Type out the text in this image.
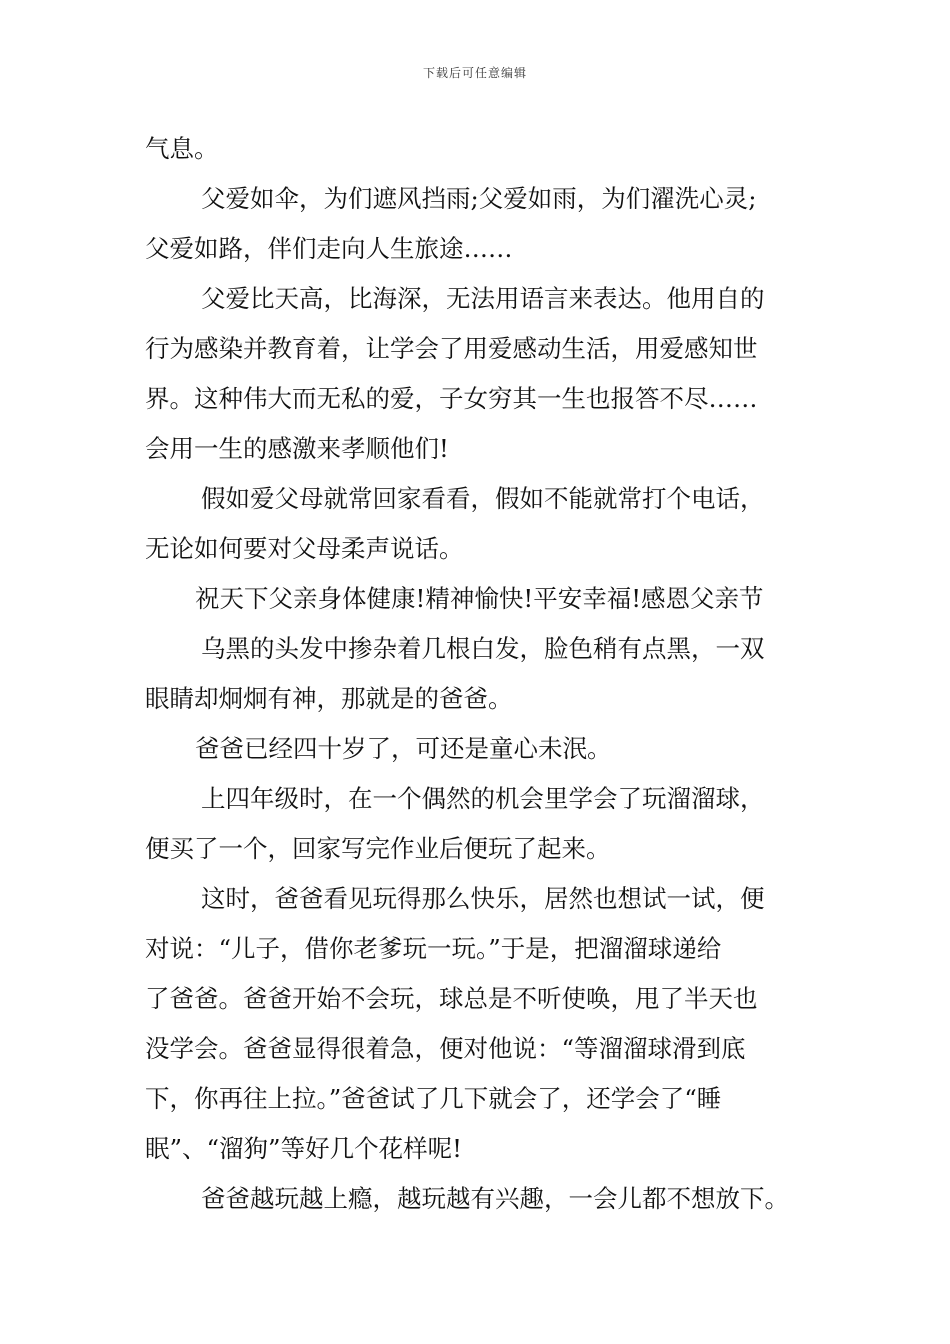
下载后可任意编辑
气息。
父爱如伞，为们遮风挡雨;父爱如雨，为们濯洗心灵;
父爱如路，伴们走向人生旅途……
父爱比天高，比海深，无法用语言来表达。他用自的
行为感染并教育着，让学会了用爱感动生活，用爱感知世
界。这种伟大而无私的爱，子女穷其一生也报答不尽……
会用一生的感激来孝顺他们!
假如爱父母就常回家看看，假如不能就常打个电话，
无论如何要对父母柔声说话。
祝天下父亲身体健康!精神愉快!平安幸福!感恩父亲节
乌黑的头发中掺杂着几根白发，脸色稍有点黑，一双
眼睛却炯炯有神，那就是的爸爸。
爸爸已经四十岁了，可还是童心未泯。
上四年级时，在一个偶然的机会里学会了玩溜溜球，
便买了一个，回家写完作业后便玩了起来。
这时，爸爸看见玩得那么快乐，居然也想试一试，便
对说：“儿子，借你老爹玩一玩。”于是，把溜溜球递给
了爸爸。爸爸开始不会玩，球总是不听使唤，甩了半天也
没学会。爸爸显得很着急，便对他说：“等溜溜球滑到底
下，你再往上拉。”爸爸试了几下就会了，还学会了“睡
眠”、“溜狗”等好几个花样呢!
爸爸越玩越上瘾，越玩越有兴趣，一会儿都不想放下。
